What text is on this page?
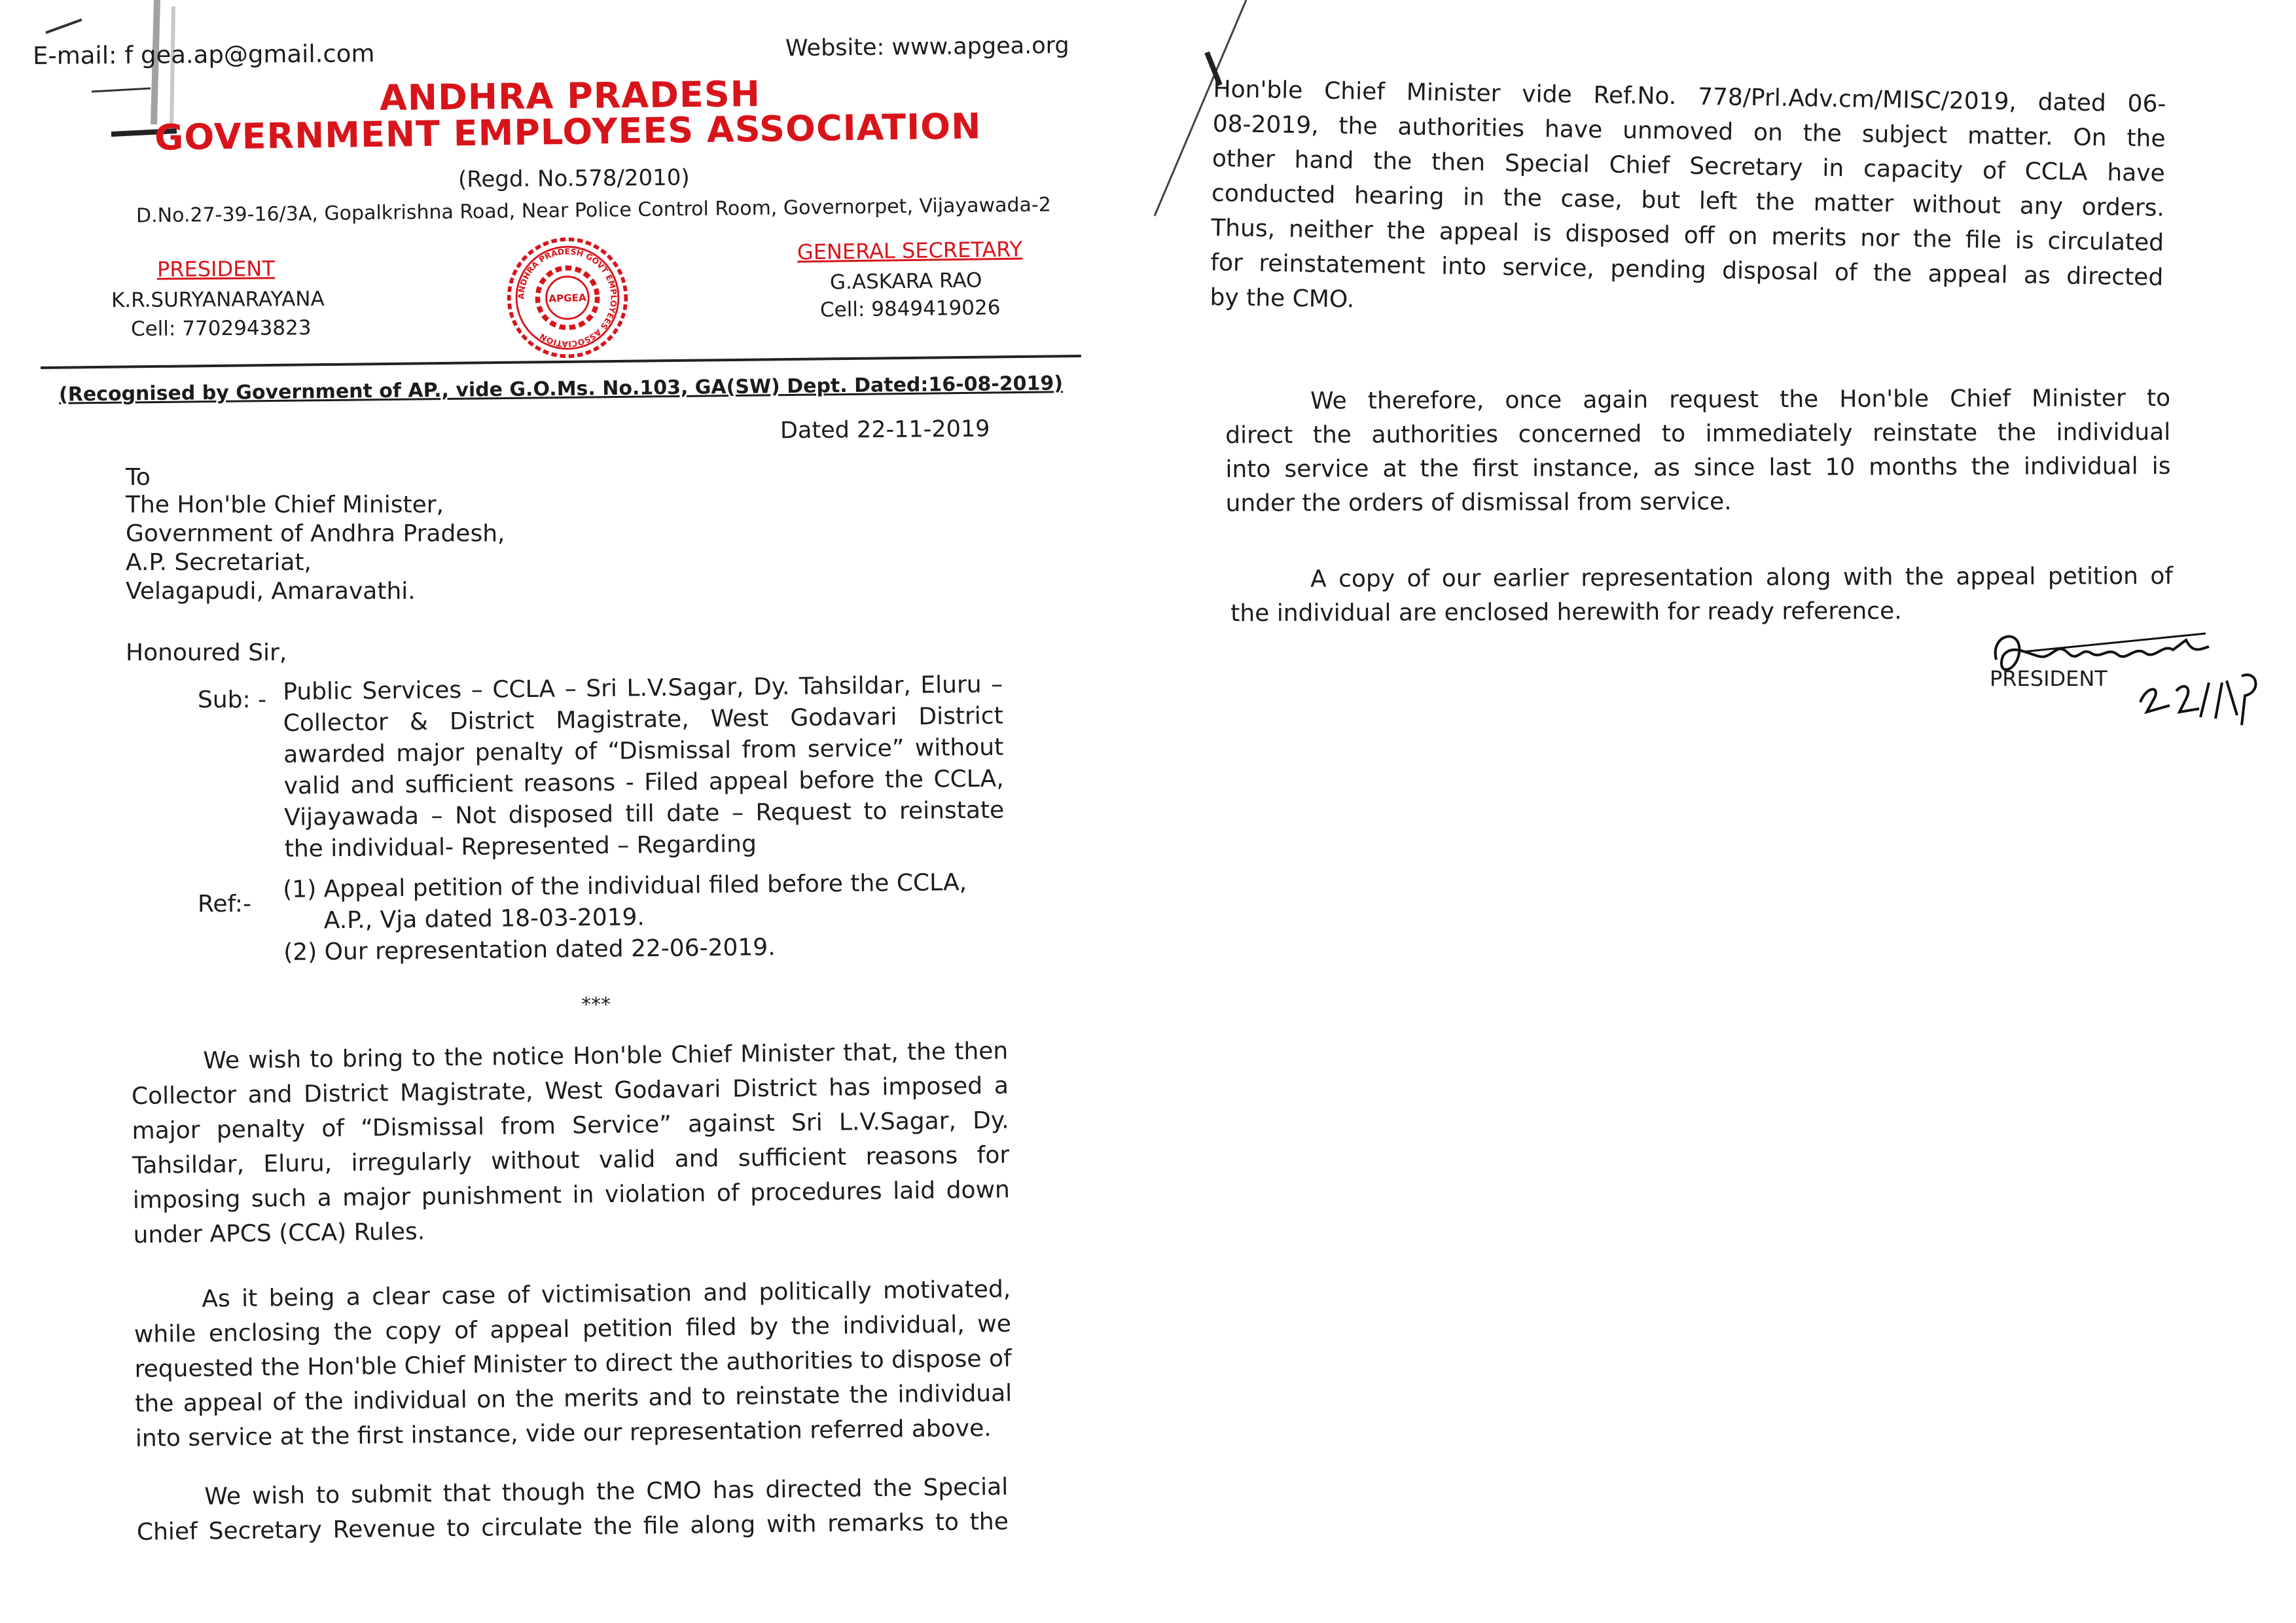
E-mail: f gea.ap@gmail.com	Website: www.apgea.org
ANDHRA PRADESH
GOVERNMENT EMPLOYEES ASSOCIATION
(Regd. No.578/2010)
D.No.27-39-16/3A, Gopalkrishna Road, Near Police Control Room, Governorpet, Vijayawada-2
PRESIDENT
K.R.SURYANARAYANA
Cell: 7702943823
ANDHRA PRADESH GOVT EMPLOYEES ASSOCIATION
APGEA
GENERAL SECRETARY
G.ASKARA RAO
Cell: 9849419026
(Recognised by Government of AP., vide G.O.Ms. No.103, GA(SW) Dept. Dated:16-08-2019)
Dated 22-11-2019
To
The Hon'ble Chief Minister,
Government of Andhra Pradesh,
A.P. Secretariat,
Velagapudi, Amaravathi.
Honoured Sir,
Sub: - Public Services – CCLA – Sri L.V.Sagar, Dy. Tahsildar, Eluru –
Collector & District Magistrate, West Godavari District
awarded major penalty of “Dismissal from service” without
valid and sufficient reasons - Filed appeal before the CCLA,
Vijayawada – Not disposed till date – Request to reinstate
the individual- Represented – Regarding
Ref:-
(1) Appeal petition of the individual filed before the CCLA,
A.P., Vja dated 18-03-2019.
(2) Our representation dated 22-06-2019.
***
We wish to bring to the notice Hon'ble Chief Minister that, the then
Collector and District Magistrate, West Godavari District has imposed a
major penalty of “Dismissal from Service” against Sri L.V.Sagar, Dy.
Tahsildar, Eluru, irregularly without valid and sufficient reasons for
imposing such a major punishment in violation of procedures laid down
under APCS (CCA) Rules.
As it being a clear case of victimisation and politically motivated,
while enclosing the copy of appeal petition filed by the individual, we
requested the Hon'ble Chief Minister to direct the authorities to dispose of
the appeal of the individual on the merits and to reinstate the individual
into service at the first instance, vide our representation referred above.
We wish to submit that though the CMO has directed the Special
Chief Secretary Revenue to circulate the file along with remarks to the
Hon'ble Chief Minister vide Ref.No. 778/Prl.Adv.cm/MISC/2019, dated 06-
08-2019, the authorities have unmoved on the subject matter. On the
other hand the then Special Chief Secretary in capacity of CCLA have
conducted hearing in the case, but left the matter without any orders.
Thus, neither the appeal is disposed off on merits nor the file is circulated
for reinstatement into service, pending disposal of the appeal as directed
by the CMO.
We therefore, once again request the Hon'ble Chief Minister to
direct the authorities concerned to immediately reinstate the individual
into service at the first instance, as since last 10 months the individual is
under the orders of dismissal from service.
A copy of our earlier representation along with the appeal petition of
the individual are enclosed herewith for ready reference.
PRESIDENT
